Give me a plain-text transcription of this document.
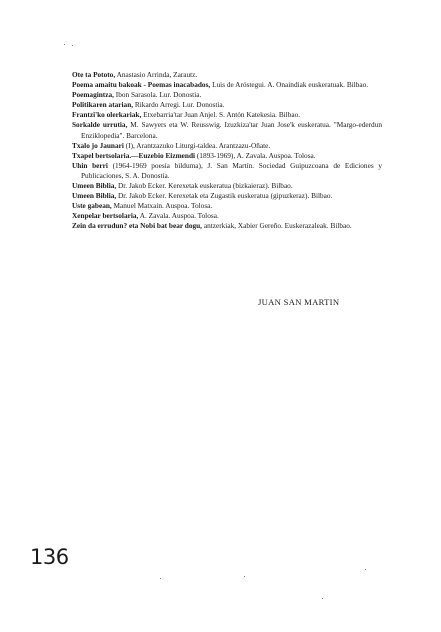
Ote ta Pototo, Anastasio Arrinda, Zarautz.

Poema amaitu bakoak - Poemas inacabados, Luis de Aróstegui. A. Onaindiak euskeratuak. Bilbao.

Poemagintza, Ibon Sarasola. Lur. Donostia.

Politikaren atarian, Rikardo Arregi. Lur. Donostia.

Frantzi'ko olerkariak, Etxebarria'tar Juan Anjel. S. Antón Katekesia. Bilbao.

Sorkalde urrutia, M. Sawyers eta W. Reusswig. Izuzkiza'tar Juan Jose'k euskeratua. "Margo-ederdun Enziklopedia". Barcelona.

Txalo jo Jaunari (I), Arantzazuko Liturgi-taldea. Arantzazu-Oñate.

Txapel bertsolaria.—Euzebio Eizmendi (1893-1969), A. Zavala. Auspoa. Tolosa.

Uhin berri (1964-1969 poesía bilduma), J. San Martín. Sociedad Guipuzcoana de Ediciones y Publicaciones, S. A. Donostia.

Umeen Biblia, Dr. Jakob Ecker. Kerexetak euskeratua (bizkaieraz). Bilbao.

Umeen Biblia, Dr. Jakob Ecker. Kerexetak eta Zugastik euskeratua (gipuzkeraz). Bilbao.

Uste gabean, Manuel Matxain. Auspoa. Tolosa.

Xenpelar bertsolaria, A. Zavala. Auspoa. Tolosa.

Zein da errudun? eta Nobi bat bear dogu, antzerkiak, Xabier Gereño. Euskerazaleak. Bilbao.

JUAN SAN MARTIN
136
